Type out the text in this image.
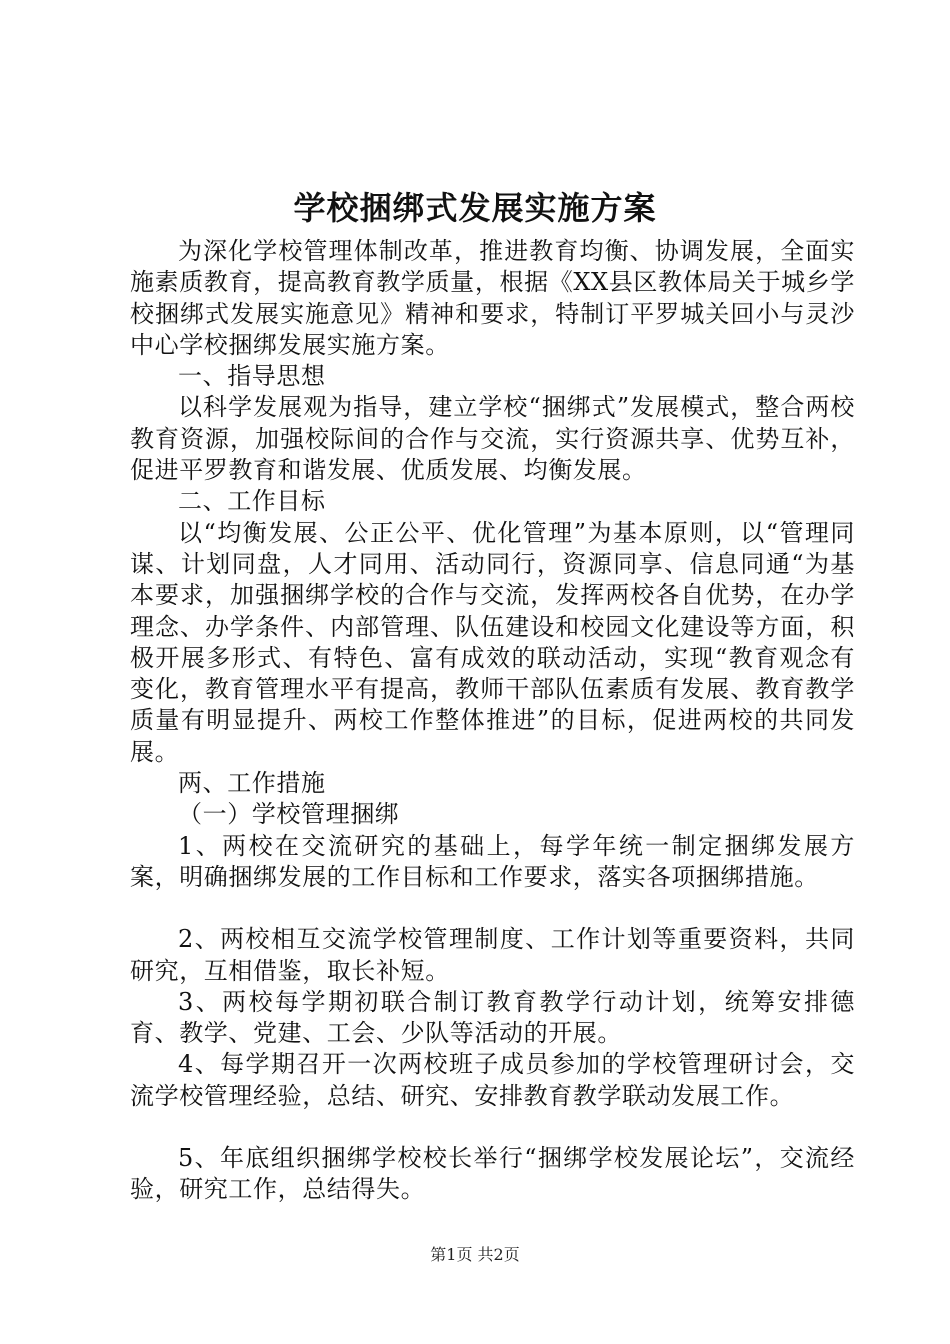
学校捆绑式发展实施方案

为深化学校管理体制改革，推进教育均衡、协调发展，全面实施素质教育，提高教育教学质量，根据《XX县区教体局关于城乡学校捆绑式发展实施意见》精神和要求，特制订平罗城关回小与灵沙中心学校捆绑发展实施方案。

一、指导思想

以科学发展观为指导，建立学校“捆绑式”发展模式，整合两校教育资源，加强校际间的合作与交流，实行资源共享、优势互补，促进平罗教育和谐发展、优质发展、均衡发展。

二、工作目标

以“均衡发展、公正公平、优化管理”为基本原则，以“管理同谋、计划同盘，人才同用、活动同行，资源同享、信息同通“为基本要求，加强捆绑学校的合作与交流，发挥两校各自优势，在办学理念、办学条件、内部管理、队伍建设和校园文化建设等方面，积极开展多形式、有特色、富有成效的联动活动，实现“教育观念有变化，教育管理水平有提高，教师干部队伍素质有发展、教育教学质量有明显提升、两校工作整体推进”的目标，促进两校的共同发展。

两、工作措施

（一）学校管理捆绑

1、两校在交流研究的基础上，每学年统一制定捆绑发展方案，明确捆绑发展的工作目标和工作要求，落实各项捆绑措施。

2、两校相互交流学校管理制度、工作计划等重要资料，共同研究，互相借鉴，取长补短。

3、两校每学期初联合制订教育教学行动计划，统筹安排德育、教学、党建、工会、少队等活动的开展。

4、每学期召开一次两校班子成员参加的学校管理研讨会，交流学校管理经验，总结、研究、安排教育教学联动发展工作。

5、年底组织捆绑学校校长举行“捆绑学校发展论坛”，交流经验，研究工作，总结得失。

第1页 共2页
